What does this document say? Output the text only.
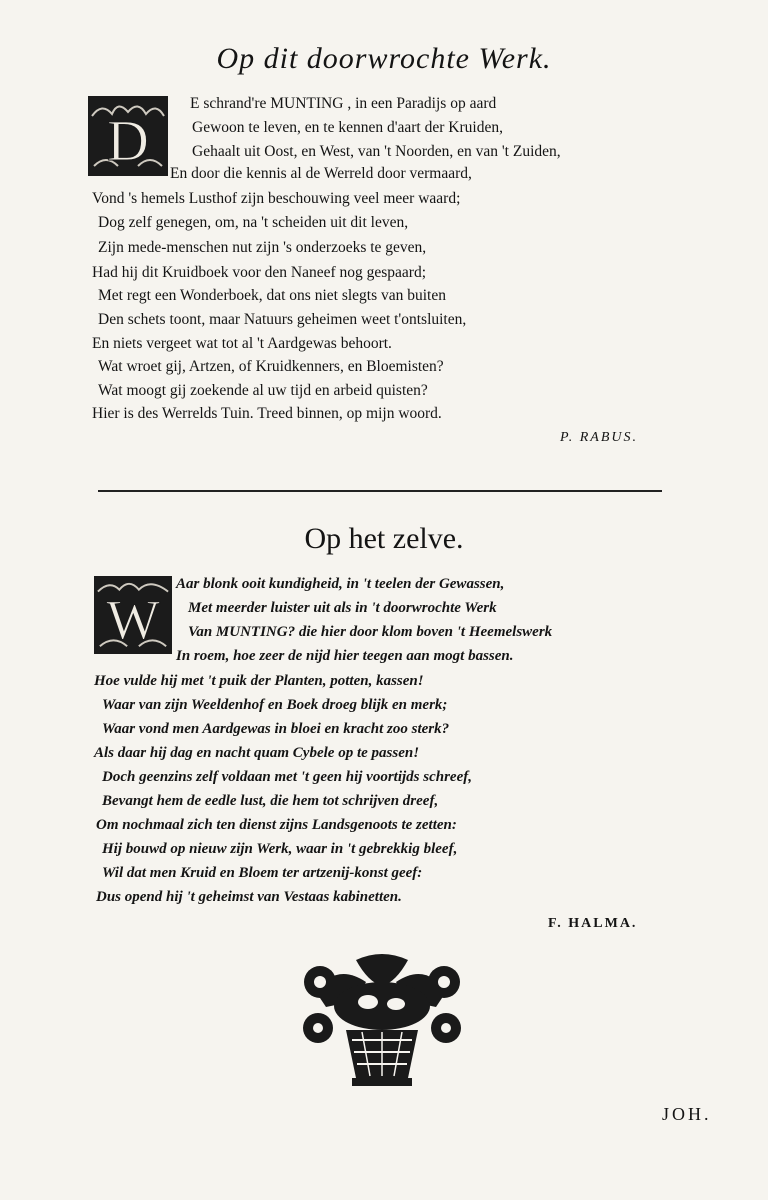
Op dit doorwrochte Werk.
D
E schrand're MUNTING , in een Paradijs op aard
Gewoon te leven, en te kennen d'aart der Kruiden,
Gehaalt uit Oost, en West, van 't Noorden, en van 't Zuiden,
En door die kennis al de Werreld door vermaard,
Vond 's hemels Lusthof zijn beschouwing veel meer waard;
Dog zelf genegen, om, na 't scheiden uit dit leven,
Zijn mede-menschen nut zijn 's onderzoeks te geven,
Had hij dit Kruidboek voor den Naneef nog gespaard;
Met regt een Wonderboek, dat ons niet slegts van buiten
Den schets toont, maar Natuurs geheimen weet t'ontsluiten,
En niets vergeet wat tot al 't Aardgewas behoort.
Wat wroet gij, Artzen, of Kruidkenners, en Bloemisten?
Wat moogt gij zoekende al uw tijd en arbeid quisten?
Hier is des Werrelds Tuin. Treed binnen, op mijn woord.
P. RABUS.
Op het zelve.
W
Aar blonk ooit kundigheid, in 't teelen der Gewassen,
Met meerder luister uit als in 't doorwrochte Werk
Van MUNTING? die hier door klom boven 't Heemelswerk
In roem, hoe zeer de nijd hier teegen aan mogt bassen.
Hoe vulde hij met 't puik der Planten, potten, kassen!
Waar van zijn Weeldenhof en Boek droeg blijk en merk;
Waar vond men Aardgewas in bloei en kracht zoo sterk?
Als daar hij dag en nacht quam Cybele op te passen!
Doch geenzins zelf voldaan met 't geen hij voortijds schreef,
Bevangt hem de eedle lust, die hem tot schrijven dreef,
Om nochmaal zich ten dienst zijns Landsgenoots te zetten:
Hij bouwd op nieuw zijn Werk, waar in 't gebrekkig bleef,
Wil dat men Kruid en Bloem ter artzenij-konst geef:
Dus opend hij 't geheimst van Vestaas kabinetten.
F. HALMA.
JOH.
